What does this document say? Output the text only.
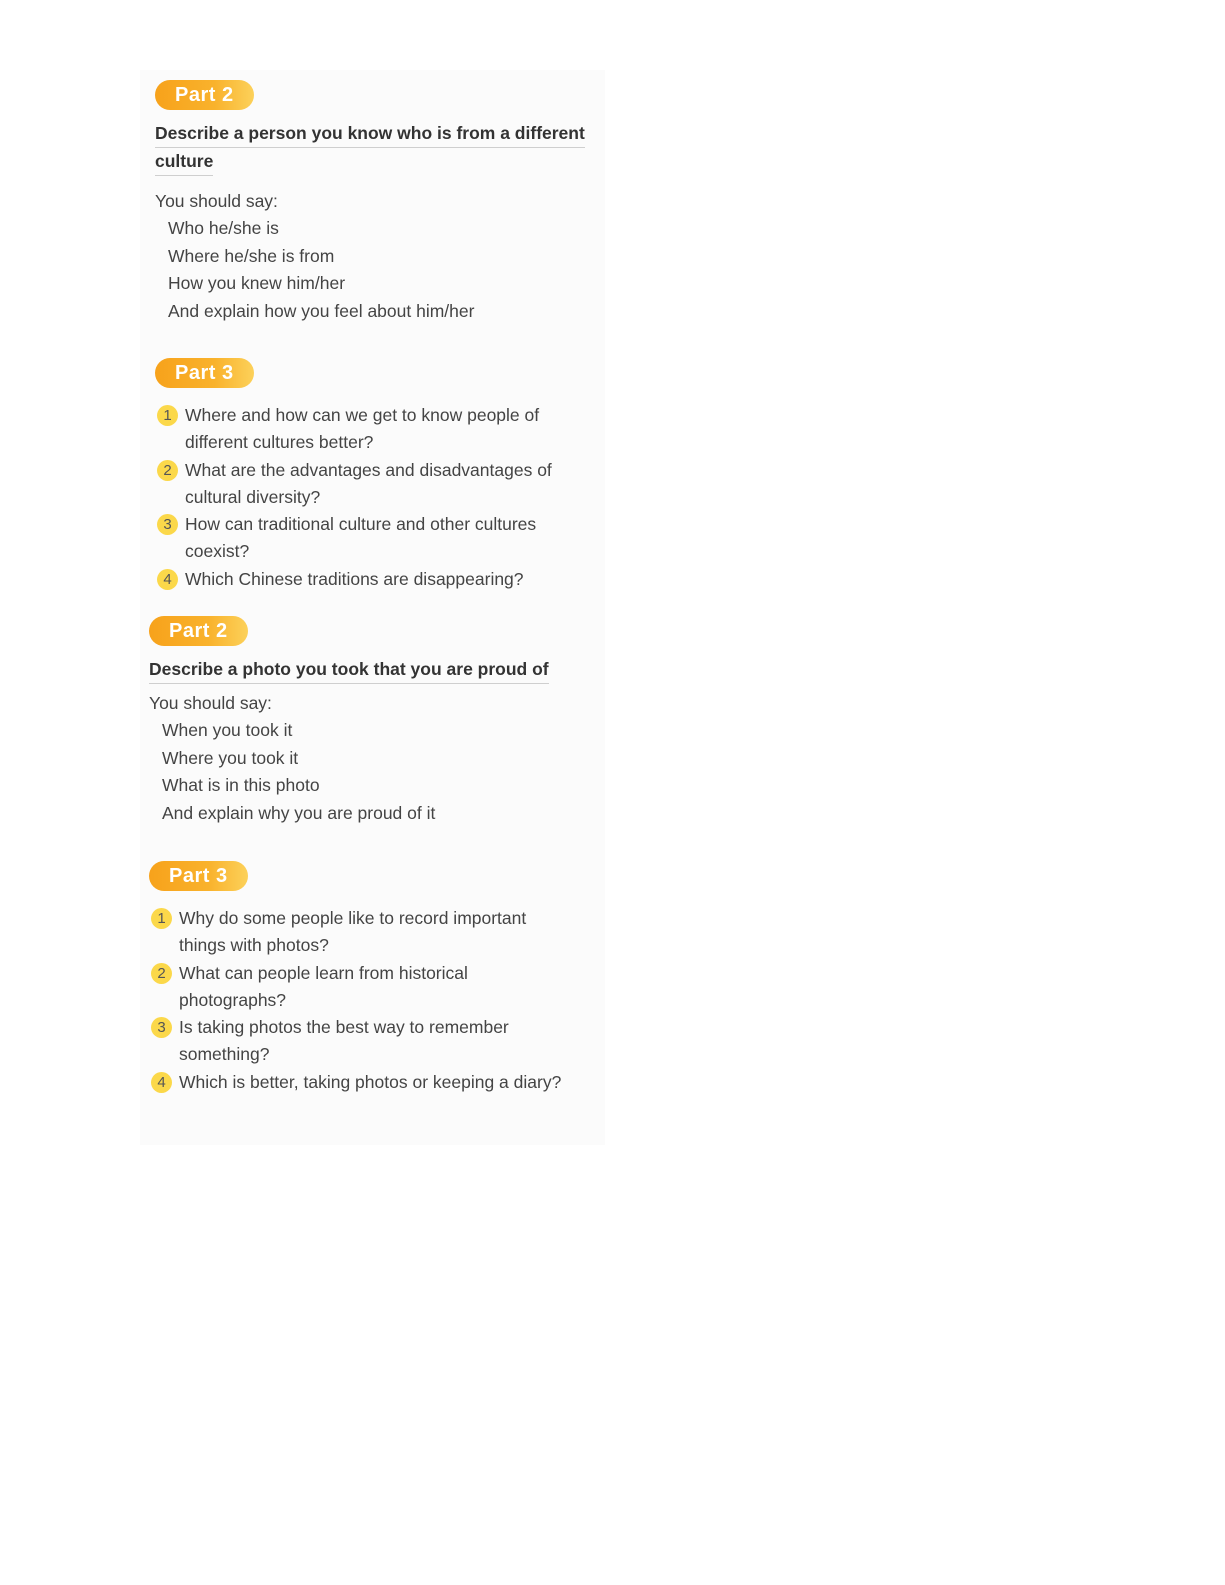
Part 2
Describe a person you know who is from a different
culture
You should say:
Who he/she is
Where he/she is from
How you knew him/her
And explain how you feel about him/her
Part 3
1 Where and how can we get to know people of
different cultures better?
2 What are the advantages and disadvantages of
cultural diversity?
3 How can traditional culture and other cultures
coexist?
4 Which Chinese traditions are disappearing?
Part 2
Describe a photo you took that you are proud of
You should say:
When you took it
Where you took it
What is in this photo
And explain why you are proud of it
Part 3
1 Why do some people like to record important
things with photos?
2 What can people learn from historical
photographs?
3 Is taking photos the best way to remember
something?
4 Which is better, taking photos or keeping a diary?
